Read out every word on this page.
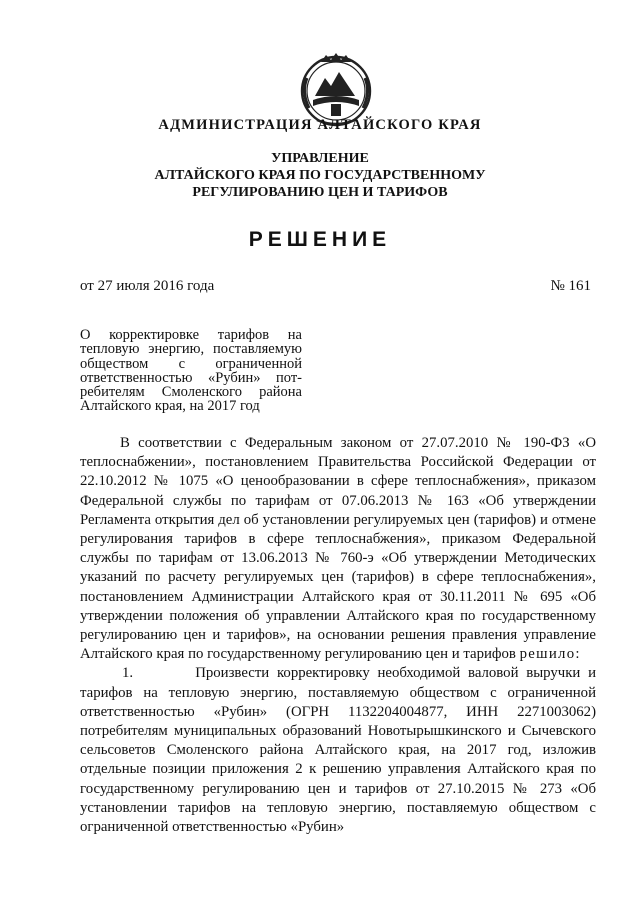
АДМИНИСТРАЦИЯ АЛТАЙСКОГО КРАЯ
УПРАВЛЕНИЕ
АЛТАЙСКОГО КРАЯ ПО ГОСУДАРСТВЕННОМУ
РЕГУЛИРОВАНИЮ ЦЕН И ТАРИФОВ
РЕШЕНИЕ
от 27 июля 2016 года	№ 161
О корректировке тарифов на
тепловую энергию, поставляемую
обществом с ограниченной
ответственностью «Рубин» пот-
ребителям Смоленского района
Алтайского края, на 2017 год

В соответствии с Федеральным законом от 27.07.2010 № 190-ФЗ «О теплоснабжении», постановлением Правительства Российской Федерации от 22.10.2012 № 1075 «О ценообразовании в сфере теплоснабжения», приказом Федеральной службы по тарифам от 07.06.2013 № 163 «Об утверждении Регламента открытия дел об установлении регулируемых цен (тарифов) и отмене регулирования тарифов в сфере теплоснабжения», приказом Федеральной службы по тарифам от 13.06.2013 № 760-э «Об утверждении Методических указаний по расчету регулируемых цен (тарифов) в сфере теплоснабжения», постановлением Администрации Алтайского края от 30.11.2011 № 695 «Об утверждении положения об управлении Алтайского края по государственному регулированию цен и тарифов», на основании решения правления управление Алтайского края по государственному регулированию цен и тарифов решило:

1.	Произвести корректировку необходимой валовой выручки и тарифов на тепловую энергию, поставляемую обществом с ограниченной ответственностью «Рубин» (ОГРН 1132204004877, ИНН 2271003062) потребителям муниципальных образований Новотырышкинского и Сычевского сельсоветов Смоленского района Алтайского края, на 2017 год, изложив отдельные позиции приложения 2 к решению управления Алтайского края по государственному регулированию цен и тарифов от 27.10.2015 № 273 «Об установлении тарифов на тепловую энергию, поставляемую обществом с ограниченной ответственностью «Рубин»
